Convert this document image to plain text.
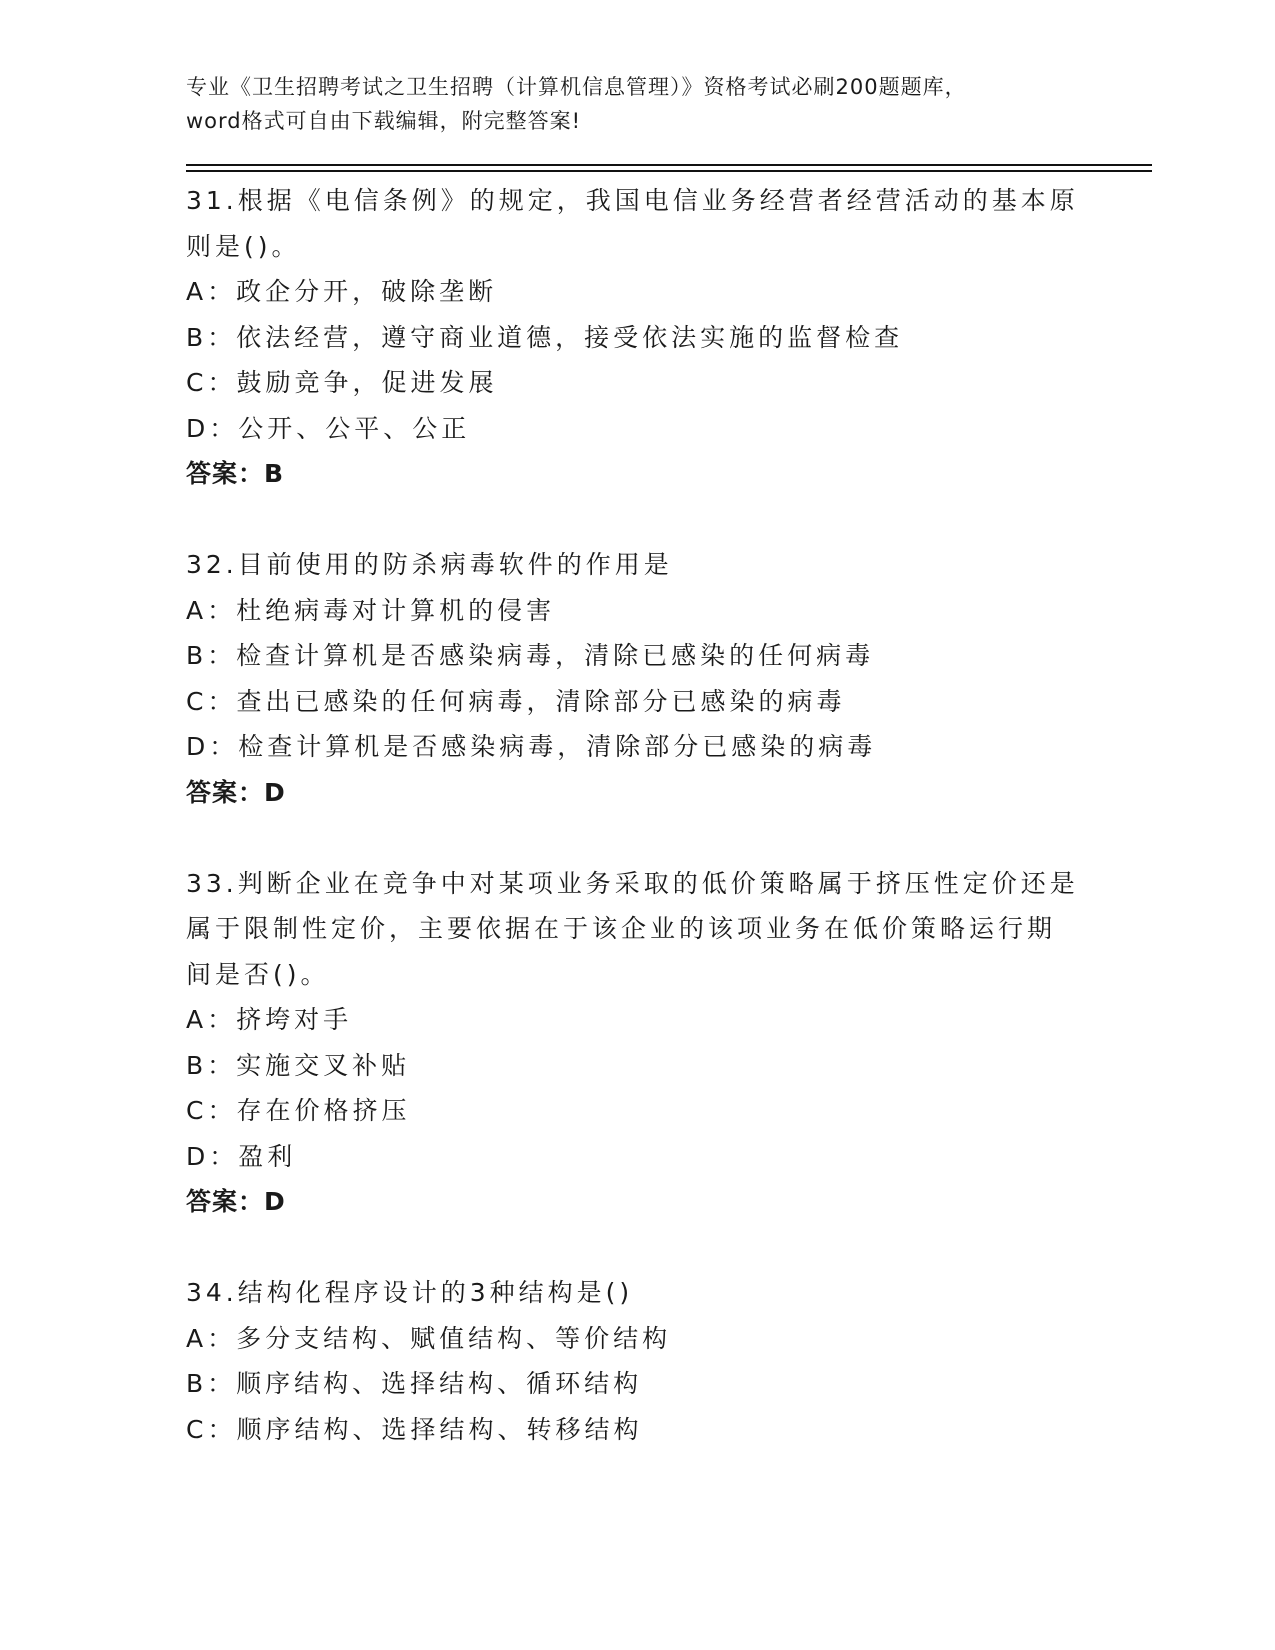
专业《卫生招聘考试之卫生招聘（计算机信息管理）》资格考试必刷200题题库，

word格式可自由下载编辑，附完整答案!

31.根据《电信条例》的规定，我国电信业务经营者经营活动的基本原

则是()。

A：政企分开，破除垄断

B：依法经营，遵守商业道德，接受依法实施的监督检查

C：鼓励竞争，促进发展

D：公开、公平、公正

答案：B

32.目前使用的防杀病毒软件的作用是

A：杜绝病毒对计算机的侵害

B：检查计算机是否感染病毒，清除已感染的任何病毒

C：查出已感染的任何病毒，清除部分已感染的病毒

D：检查计算机是否感染病毒，清除部分已感染的病毒

答案：D

33.判断企业在竞争中对某项业务采取的低价策略属于挤压性定价还是

属于限制性定价，主要依据在于该企业的该项业务在低价策略运行期

间是否()。

A：挤垮对手

B：实施交叉补贴

C：存在价格挤压

D：盈利

答案：D

34.结构化程序设计的3种结构是()

A：多分支结构、赋值结构、等价结构

B：顺序结构、选择结构、循环结构

C：顺序结构、选择结构、转移结构
